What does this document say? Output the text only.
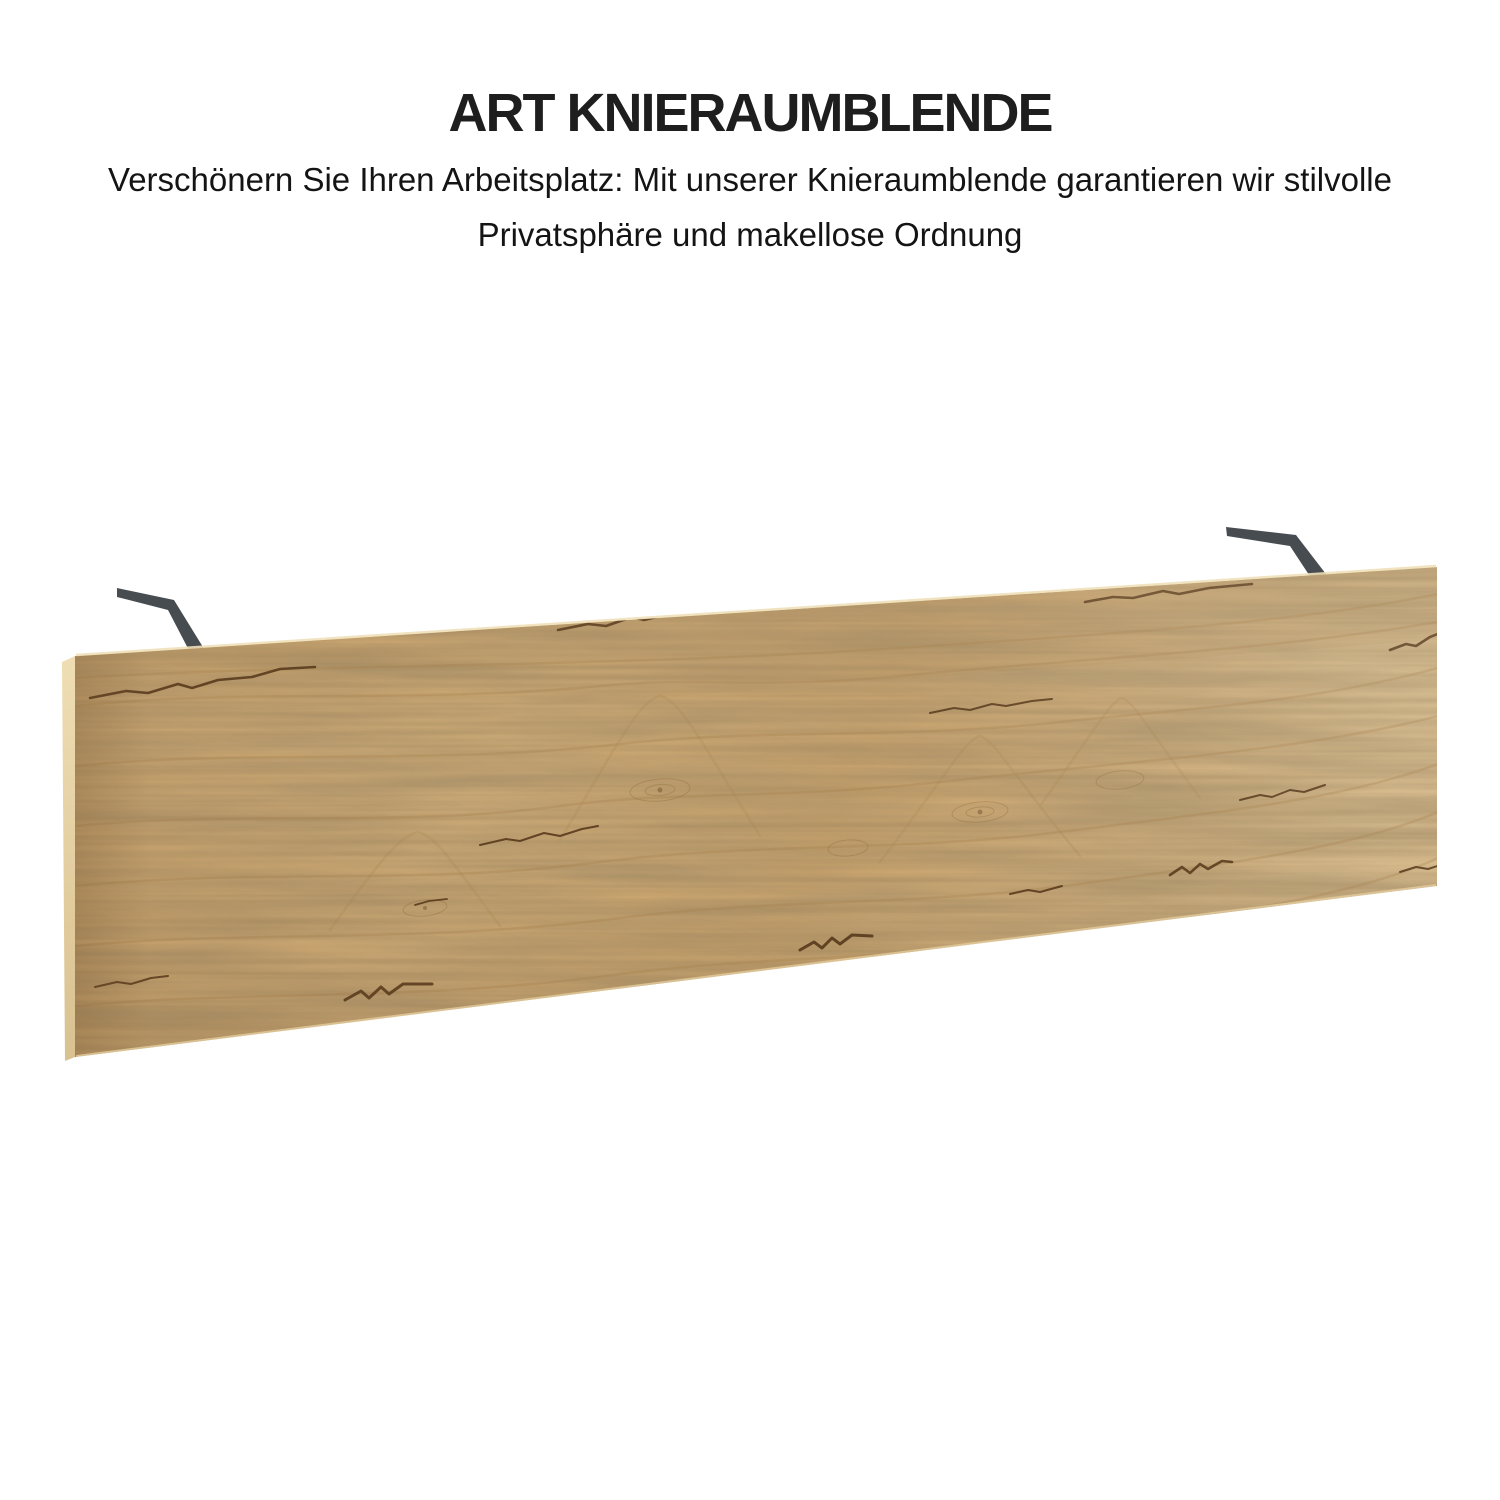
ART KNIERAUMBLENDE

Verschönern Sie Ihren Arbeitsplatz: Mit unserer Knieraumblende garantieren wir stilvolle
Privatsphäre und makellose Ordnung
